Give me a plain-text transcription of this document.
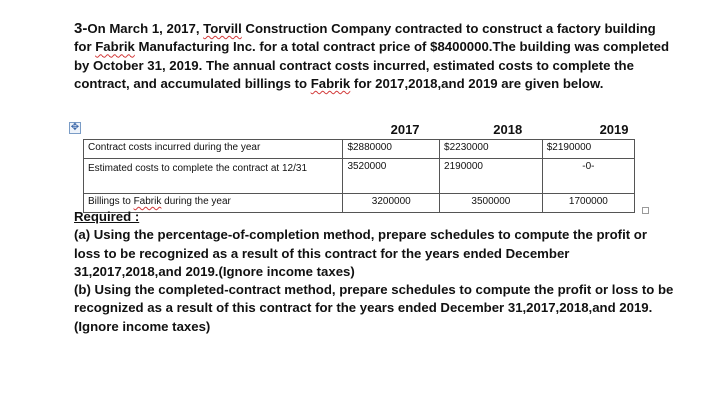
3-On March 1, 2017, Torvill Construction Company contracted to construct a factory building for Fabrik Manufacturing Inc. for a total contract price of $8400000.The building was completed by October 31, 2019. The annual contract costs incurred, estimated costs to complete the contract, and accumulated billings to Fabrik for 2017,2018,and 2019 are given below.

✥
		2017	2018	2019
Contract costs incurred during the year	$2880000	$2230000	$2190000
Estimated costs to complete the contract at 12/31	3520000	2190000	-0-
Billings to Fabrik during the year	3200000	3500000	1700000

Required :

(a) Using the percentage-of-completion method, prepare schedules to compute the profit or loss to be recognized as a result of this contract for the years ended December 31,2017,2018,and 2019.(Ignore income taxes)

(b) Using the completed-contract method, prepare schedules to compute the profit or loss to be recognized as a result of this contract for the years ended December 31,2017,2018,and 2019.(Ignore income taxes)
